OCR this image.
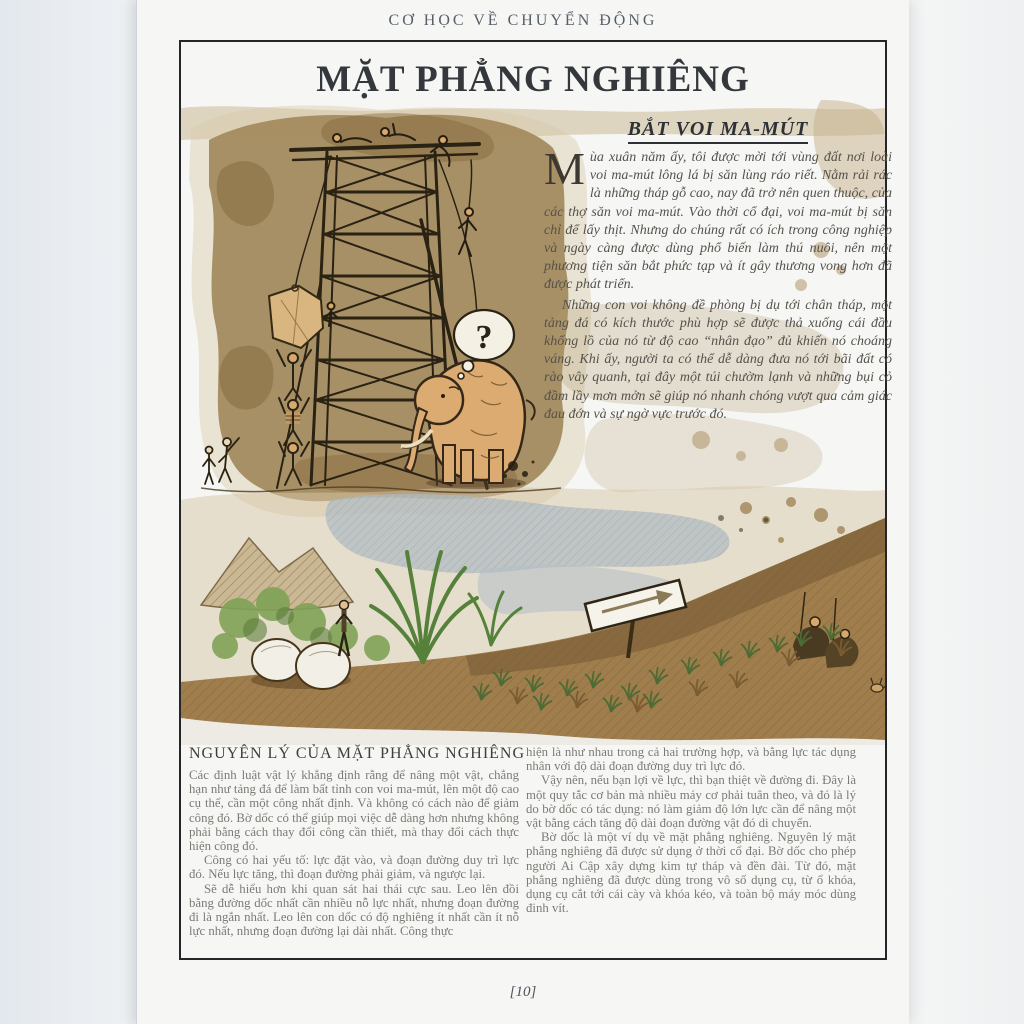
CƠ HỌC VỀ CHUYỂN ĐỘNG
MẶT PHẲNG NGHIÊNG
?
BẮT VOI MA-MÚT

Mùa xuân năm ấy, tôi được mời tới vùng đất nơi loài voi ma-mút lông lá bị săn lùng ráo riết. Nằm rải rác là những tháp gỗ cao, nay đã trở nên quen thuộc, của các thợ săn voi ma-mút. Vào thời cổ đại, voi ma-mút bị săn chỉ để lấy thịt. Nhưng do chúng rất có ích trong công nghiệp và ngày càng được dùng phổ biến làm thú nuôi, nên một phương tiện săn bắt phức tạp và ít gây thương vong hơn đã được phát triển.

Những con voi không đề phòng bị dụ tới chân tháp, một tảng đá có kích thước phù hợp sẽ được thả xuống cái đầu khổng lồ của nó từ độ cao “nhân đạo” đủ khiến nó choáng váng. Khi ấy, người ta có thể dễ dàng đưa nó tới bãi đất có rào vây quanh, tại đây một túi chườm lạnh và những bụi cỏ đầm lầy mơn mởn sẽ giúp nó nhanh chóng vượt qua cảm giác đau đớn và sự ngờ vực trước đó.

NGUYÊN LÝ CỦA MẶT PHẲNG NGHIÊNG

Các định luật vật lý khẳng định rằng để nâng một vật, chẳng hạn như tảng đá để làm bất tỉnh con voi ma-mút, lên một độ cao cụ thể, cần một công nhất định. Và không có cách nào để giảm công đó. Bờ dốc có thể giúp mọi việc dễ dàng hơn nhưng không phải bằng cách thay đổi công cần thiết, mà thay đổi cách thực hiện công đó.

Công có hai yếu tố: lực đặt vào, và đoạn đường duy trì lực đó. Nếu lực tăng, thì đoạn đường phải giảm, và ngược lại.

Sẽ dễ hiểu hơn khi quan sát hai thái cực sau. Leo lên đồi bằng đường dốc nhất cần nhiều nỗ lực nhất, nhưng đoạn đường đi là ngắn nhất. Leo lên con dốc có độ nghiêng ít nhất cần ít nỗ lực nhất, nhưng đoạn đường lại dài nhất. Công thực

hiện là như nhau trong cả hai trường hợp, và bằng lực tác dụng nhân với độ dài đoạn đường duy trì lực đó.

Vậy nên, nếu bạn lợi về lực, thì bạn thiệt về đường đi. Đây là một quy tắc cơ bản mà nhiều máy cơ phải tuân theo, và đó là lý do bờ dốc có tác dụng: nó làm giảm độ lớn lực cần để nâng một vật bằng cách tăng độ dài đoạn đường vật đó di chuyển.

Bờ dốc là một ví dụ về mặt phẳng nghiêng. Nguyên lý mặt phẳng nghiêng đã được sử dụng ở thời cổ đại. Bờ dốc cho phép người Ai Cập xây dựng kim tự tháp và đền đài. Từ đó, mặt phẳng nghiêng đã được dùng trong vô số dụng cụ, từ ổ khóa, dụng cụ cắt tới cái cày và khóa kéo, và toàn bộ máy móc dùng đinh vít.

[10]
